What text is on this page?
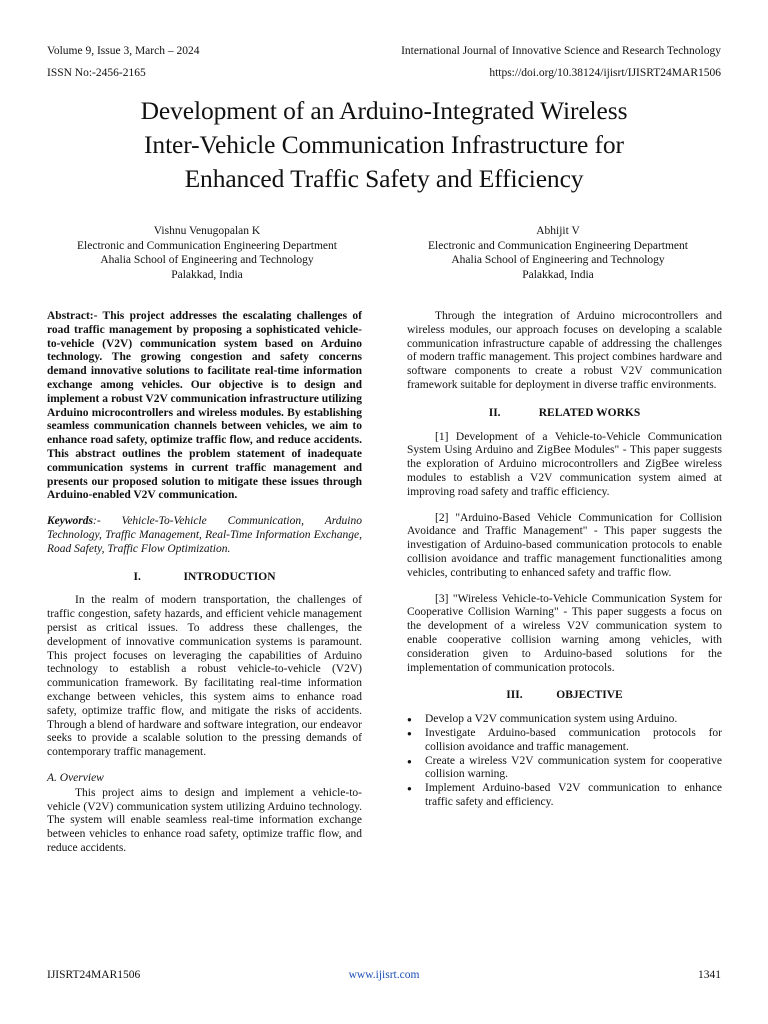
Volume 9, Issue 3, March – 2024	International Journal of Innovative Science and Research Technology
ISSN No:-2456-2165	https://doi.org/10.38124/ijisrt/IJISRT24MAR1506
Development of an Arduino-Integrated Wireless
Inter-Vehicle Communication Infrastructure for
Enhanced Traffic Safety and Efficiency
Vishnu Venugopalan K
Electronic and Communication Engineering Department
Ahalia School of Engineering and Technology
Palakkad, India
Abhijit V
Electronic and Communication Engineering Department
Ahalia School of Engineering and Technology
Palakkad, India

Abstract:- This project addresses the escalating challenges of road traffic management by proposing a sophisticated vehicle-to-vehicle (V2V) communication system based on Arduino technology. The growing congestion and safety concerns demand innovative solutions to facilitate real-time information exchange among vehicles. Our objective is to design and implement a robust V2V communication infrastructure utilizing Arduino microcontrollers and wireless modules. By establishing seamless communication channels between vehicles, we aim to enhance road safety, optimize traffic flow, and reduce accidents. This abstract outlines the problem statement of inadequate communication systems in current traffic management and presents our proposed solution to mitigate these issues through Arduino-enabled V2V communication.

Keywords:- Vehicle-To-Vehicle Communication, Arduino Technology, Traffic Management, Real-Time Information Exchange, Road Safety, Traffic Flow Optimization.

I.	INTRODUCTION

In the realm of modern transportation, the challenges of traffic congestion, safety hazards, and efficient vehicle management persist as critical issues. To address these challenges, the development of innovative communication systems is paramount. This project focuses on leveraging the capabilities of Arduino technology to establish a robust vehicle-to-vehicle (V2V) communication framework. By facilitating real-time information exchange between vehicles, this system aims to enhance road safety, optimize traffic flow, and mitigate the risks of accidents. Through a blend of hardware and software integration, our endeavor seeks to provide a scalable solution to the pressing demands of contemporary traffic management.

A. Overview

This project aims to design and implement a vehicle-to-vehicle (V2V) communication system utilizing Arduino technology. The system will enable seamless real-time information exchange between vehicles to enhance road safety, optimize traffic flow, and reduce accidents.

Through the integration of Arduino microcontrollers and wireless modules, our approach focuses on developing a scalable communication infrastructure capable of addressing the challenges of modern traffic management. This project combines hardware and software components to create a robust V2V communication framework suitable for deployment in diverse traffic environments.

II.	RELATED WORKS

[1] Development of a Vehicle-to-Vehicle Communication System Using Arduino and ZigBee Modules" - This paper suggests the exploration of Arduino microcontrollers and ZigBee wireless modules to establish a V2V communication system aimed at improving road safety and traffic efficiency.

[2] "Arduino-Based Vehicle Communication for Collision Avoidance and Traffic Management" - This paper suggests the investigation of Arduino-based communication protocols to enable collision avoidance and traffic management functionalities among vehicles, contributing to enhanced safety and traffic flow.

[3] "Wireless Vehicle-to-Vehicle Communication System for Cooperative Collision Warning" - This paper suggests a focus on the development of a wireless V2V communication system to enable cooperative collision warning among vehicles, with consideration given to Arduino-based solutions for the implementation of communication protocols.

III.	OBJECTIVE
● Develop a V2V communication system using Arduino.
● Investigate Arduino-based communication protocols for collision avoidance and traffic management.
● Create a wireless V2V communication system for cooperative collision warning.
● Implement Arduino-based V2V communication to enhance traffic safety and efficiency.
IJISRT24MAR1506	www.ijisrt.com	1341
